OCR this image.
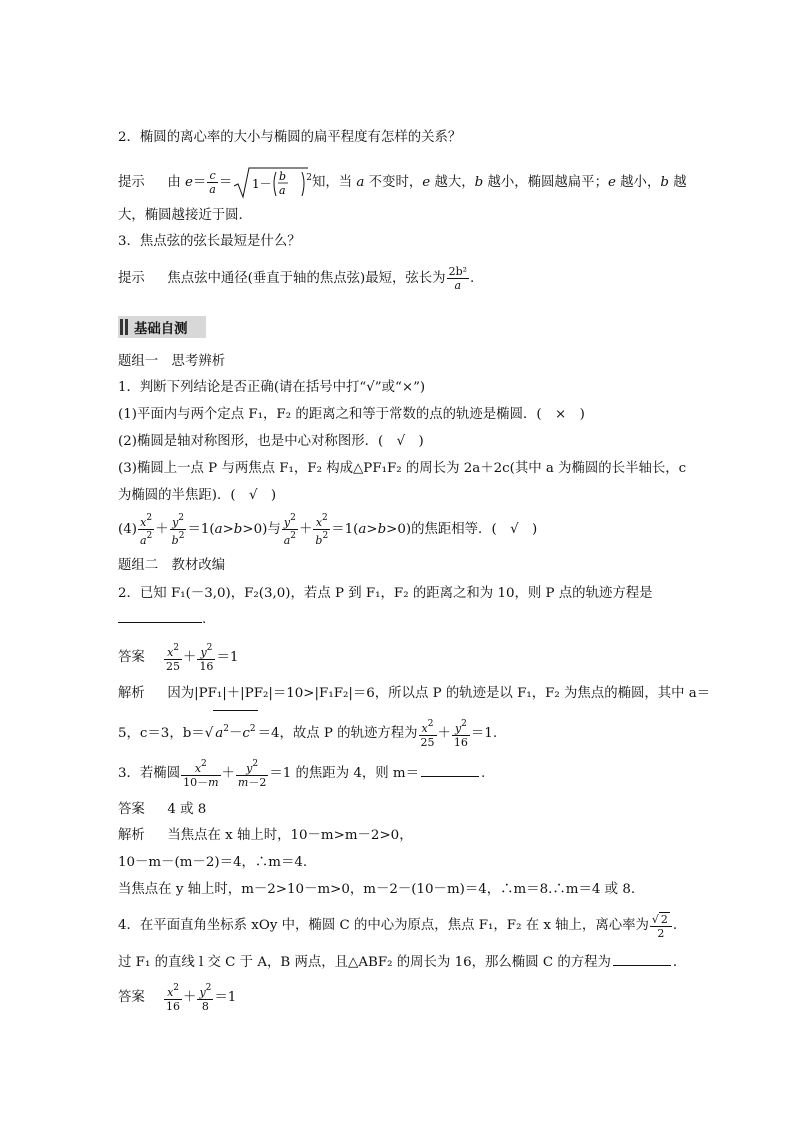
2．椭圆的离心率的大小与椭圆的扁平程度有怎样的关系？
提示 由 $e= \frac{c}{a} = 1-$
b
a
$^2$知，当 a 不变时，e 越大，b 越小，椭圆越扁平；e 越小，b 越
大，椭圆越接近于圆.
3．焦点弦的弦长最短是什么？
提示 焦点弦中通径(垂直于轴的焦点弦)最短，弦长为 $\frac{\text{2b²}}{a}$ .
基础自测
题组一　思考辨析
1．判断下列结论是否正确(请在括号中打“√”或“×”)
(1)平面内与两个定点 F₁，F₂ 的距离之和等于常数的点的轨迹是椭圆．(　×　)
(2)椭圆是轴对称图形，也是中心对称图形．(　√　)
(3)椭圆上一点 P 与两焦点 F₁，F₂ 构成△PF₁F₂ 的周长为 2a＋2c(其中 a 为椭圆的长半轴长，c
为椭圆的半焦距)．(　√　)
$(4) \frac{x^2}{a^2} + \frac{y^2}{b^2} =1(a>b>0)$与 $\frac{y^2}{a^2} + \frac{x^2}{b^2} =1(a>b>0)$的焦距相等．(　√　)
题组二　教材改编
2．已知 F₁(－3,0)，F₂(3,0)，若点 P 到 F₁，F₂ 的距离之和为 10，则 P 点的轨迹方程是
.
答案 $\frac{x^2}{25} + \frac{y^2}{16} =1$
解析 因为|PF₁|＋|PF₂|＝10>|F₁F₂|＝6，所以点 P 的轨迹是以 F₁，F₂ 为焦点的椭圆，其中 a＝
5，c＝3，b＝√ $a^2-c^2 =4$，故点 P 的轨迹方程为 $\frac{x^2}{25} + \frac{y^2}{16} =1$.
3．若椭圆 $\frac{x^2}{10-m} + \frac{y^2}{m-2} =1$ 的焦距为 4，则 m＝	.
答案 4 或 8
解析 当焦点在 x 轴上时，10－m>m－2>0，
10－m－(m－2)＝4，∴m＝4.
当焦点在 y 轴上时，m－2>10－m>0，m－2－(10－m)＝4，∴m＝8.∴m＝4 或 8.
4．在平面直角坐标系 xOy 中，椭圆 C 的中心为原点，焦点 F₁，F₂ 在 x 轴上，离心率为 $\frac{√ 2}{2}$ .
过 F₁ 的直线 l 交 C 于 A，B 两点，且△ABF₂ 的周长为 16，那么椭圆 C 的方程为	．
答案 $\frac{x^2}{16} + \frac{y^2}{8} =1$
